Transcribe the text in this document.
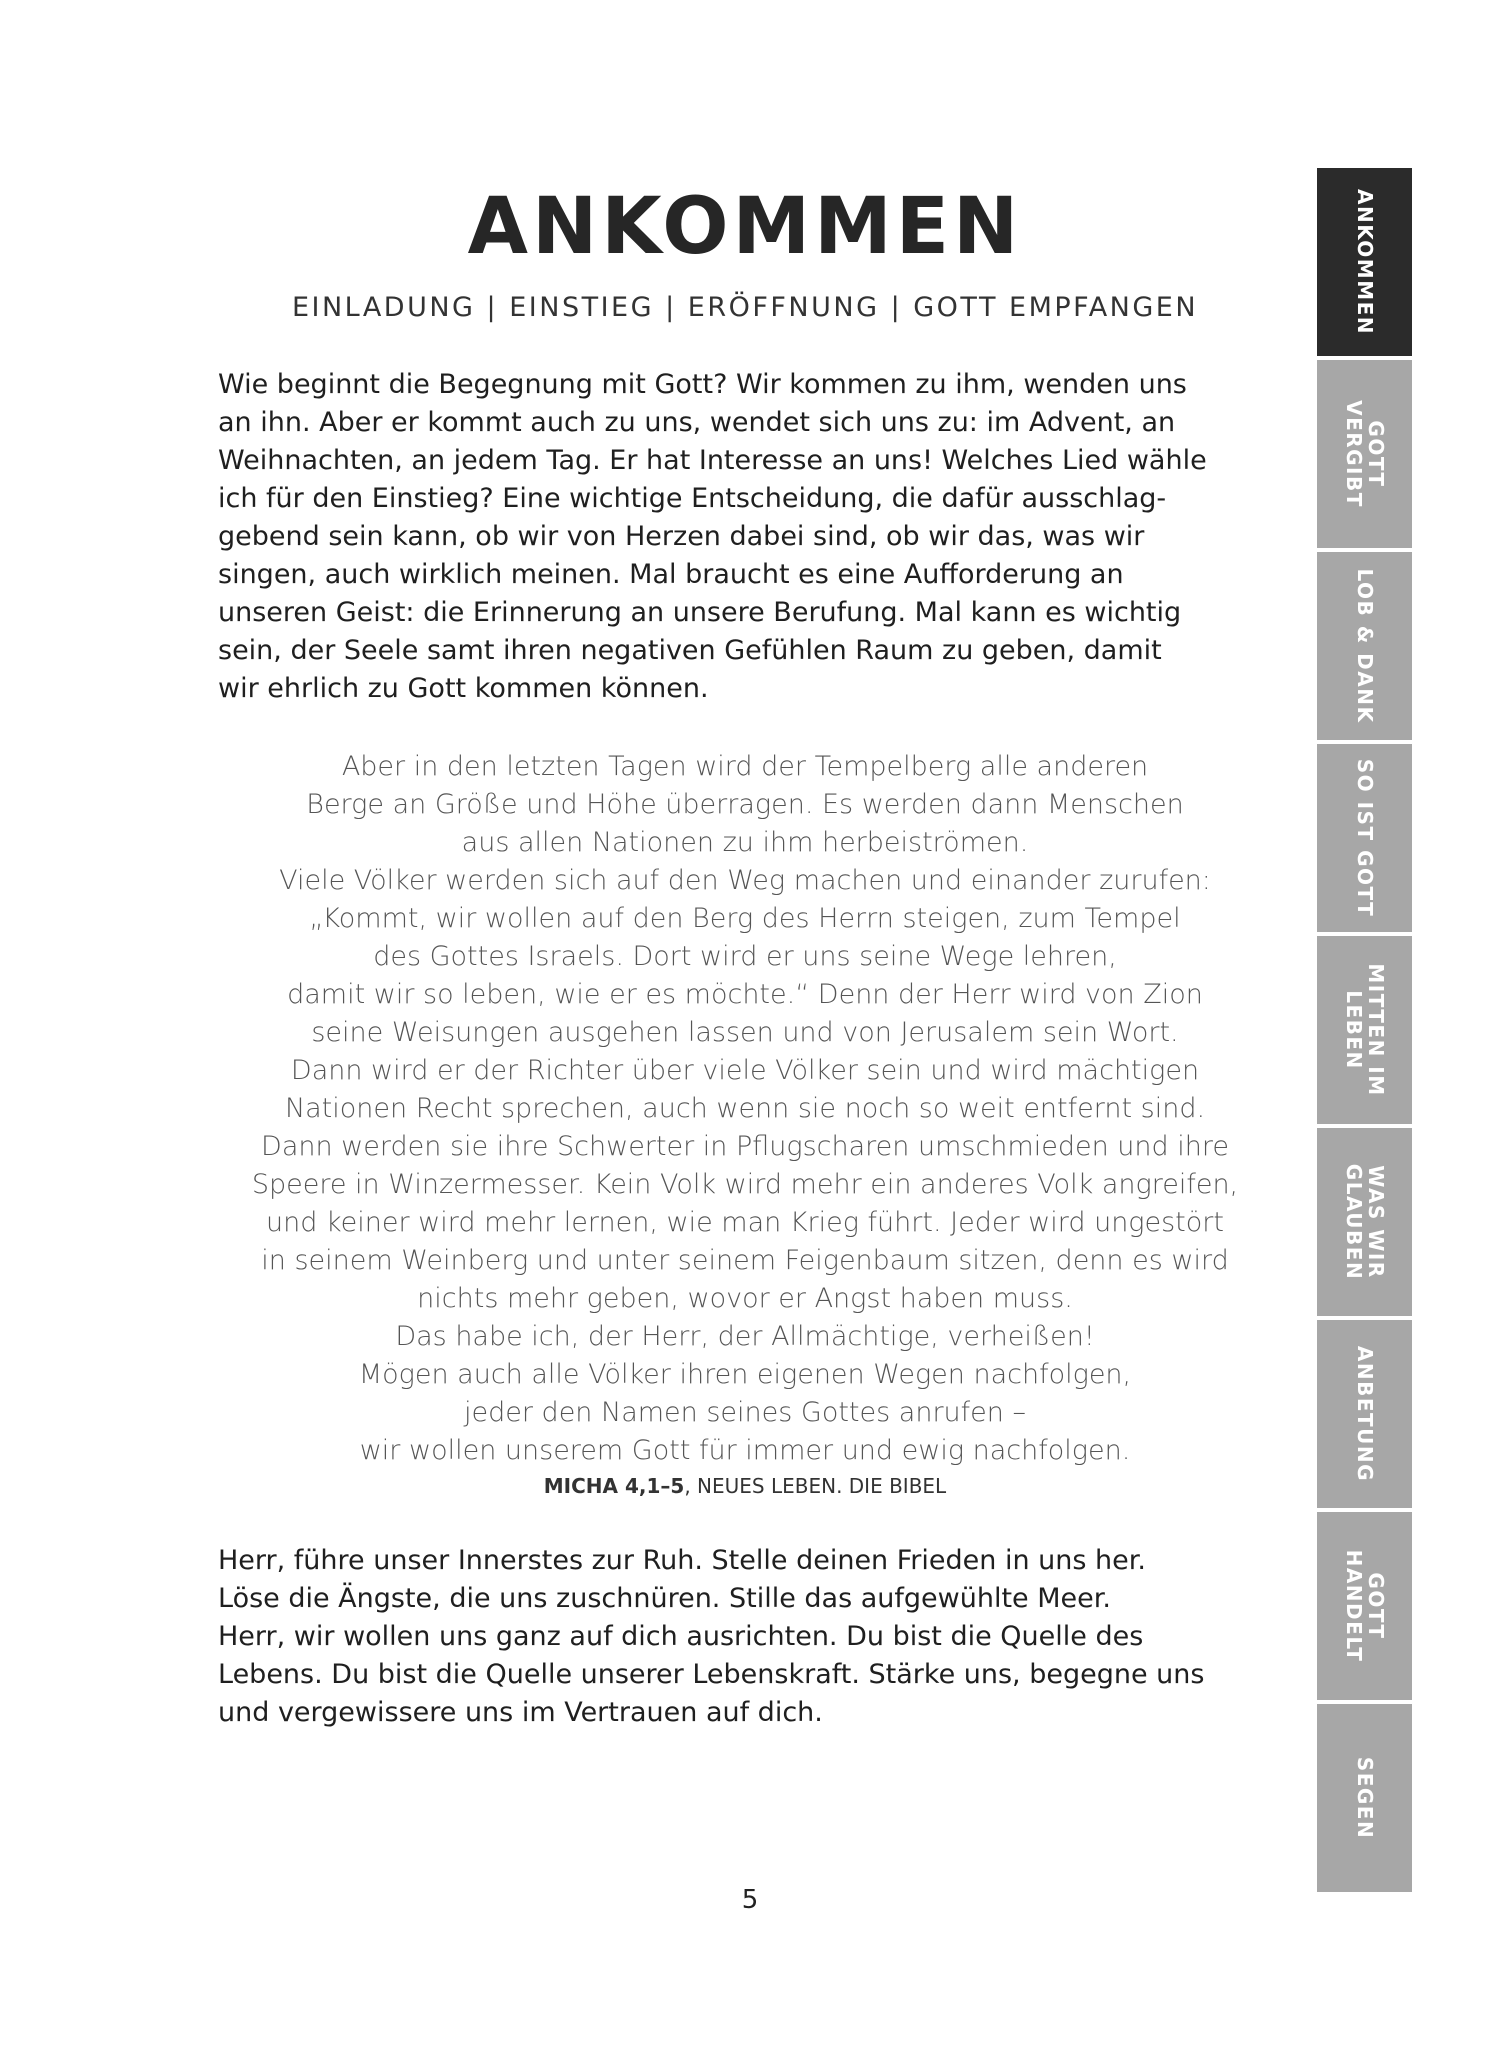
ANKOMMEN
EINLADUNG | EINSTIEG | ERÖFFNUNG | GOTT EMPFANGEN

Wie beginnt die Begegnung mit Gott? Wir kommen zu ihm, wenden uns
an ihn. Aber er kommt auch zu uns, wendet sich uns zu: im Advent, an
Weihnachten, an jedem Tag. Er hat Interesse an uns! Welches Lied wähle
ich für den Einstieg? Eine wichtige Entscheidung, die dafür ausschlag-
gebend sein kann, ob wir von Herzen dabei sind, ob wir das, was wir
singen, auch wirklich meinen. Mal braucht es eine Aufforderung an
unseren Geist: die Erinnerung an unsere Berufung. Mal kann es wichtig
sein, der Seele samt ihren negativen Gefühlen Raum zu geben, damit
wir ehrlich zu Gott kommen können.

Aber in den letzten Tagen wird der Tempelberg alle anderen
Berge an Größe und Höhe überragen. Es werden dann Menschen
aus allen Nationen zu ihm herbeiströmen.
Viele Völker werden sich auf den Weg machen und einander zurufen:
„Kommt, wir wollen auf den Berg des Herrn steigen, zum Tempel
des Gottes Israels. Dort wird er uns seine Wege lehren,
damit wir so leben, wie er es möchte.“ Denn der Herr wird von Zion
seine Weisungen ausgehen lassen und von Jerusalem sein Wort.
Dann wird er der Richter über viele Völker sein und wird mächtigen
Nationen Recht sprechen, auch wenn sie noch so weit entfernt sind.
Dann werden sie ihre Schwerter in Pflugscharen umschmieden und ihre
Speere in Winzermesser. Kein Volk wird mehr ein anderes Volk angreifen,
und keiner wird mehr lernen, wie man Krieg führt. Jeder wird ungestört
in seinem Weinberg und unter seinem Feigenbaum sitzen, denn es wird
nichts mehr geben, wovor er Angst haben muss.
Das habe ich, der Herr, der Allmächtige, verheißen!
Mögen auch alle Völker ihren eigenen Wegen nachfolgen,
jeder den Namen seines Gottes anrufen –
wir wollen unserem Gott für immer und ewig nachfolgen.
MICHA 4,1–5, NEUES LEBEN. DIE BIBEL

Herr, führe unser Innerstes zur Ruh. Stelle deinen Frieden in uns her.
Löse die Ängste, die uns zuschnüren. Stille das aufgewühlte Meer.
Herr, wir wollen uns ganz auf dich ausrichten. Du bist die Quelle des
Lebens. Du bist die Quelle unserer Lebenskraft. Stärke uns, begegne uns
und vergewissere uns im Vertrauen auf dich.

5
ANKOMMEN
GOTT
VERGIBT
LOB & DANK
SO IST GOTT
MITTEN IM
LEBEN
WAS WIR
GLAUBEN
ANBETUNG
GOTT
HANDELT
SEGEN
